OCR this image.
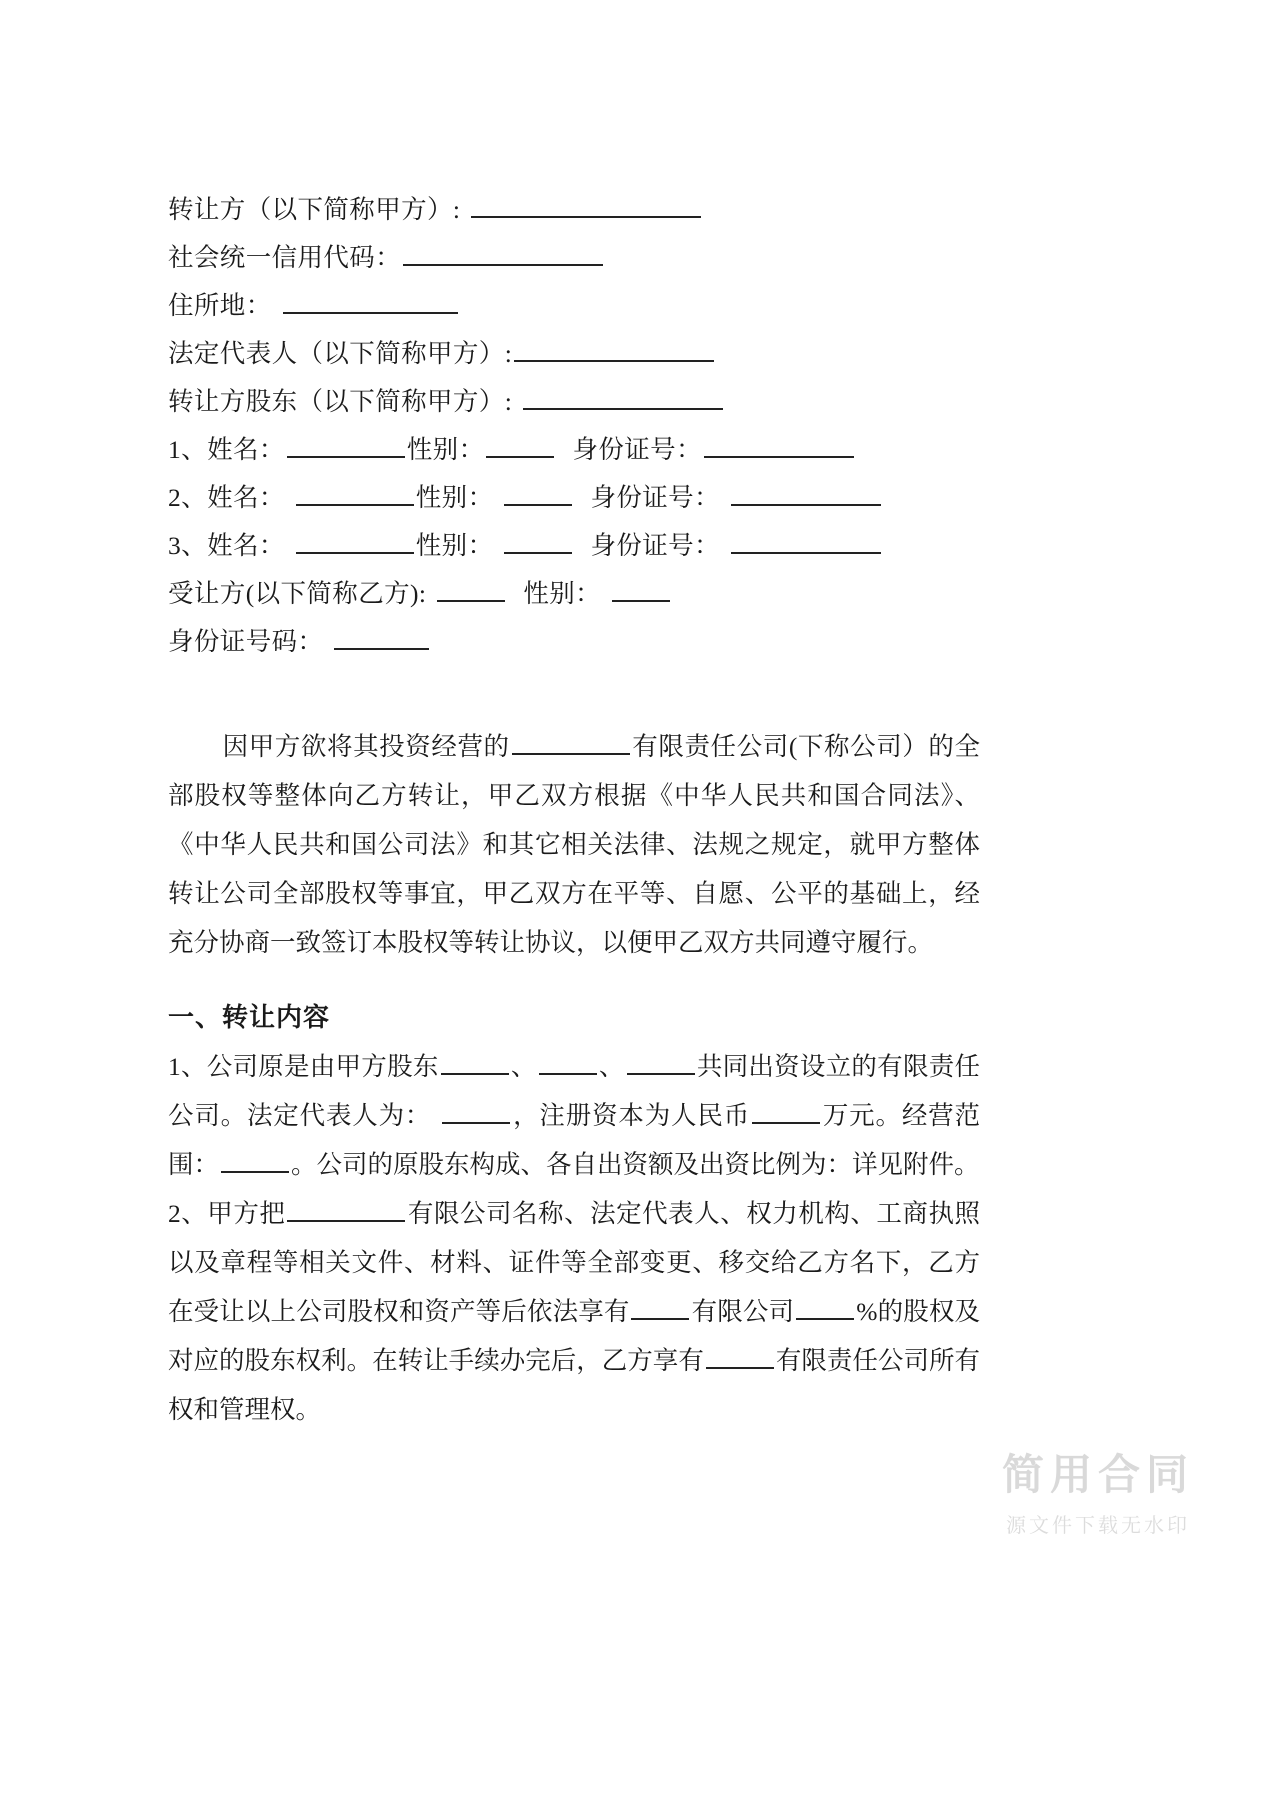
转让方（以下简称甲方）:
社会统一信用代码：
住所地：
法定代表人（以下简称甲方）:
转让方股东（以下简称甲方）:
1、姓名：	性别：	身份证号：
2、姓名：	性别：	身份证号：
3、姓名：	性别：	身份证号：
受让方(以下简称乙方):	性别：
身份证号码：

因甲方欲将其投资经营的	有限责任公司(下称公司）的全部股权等整体向乙方转让，甲乙双方根据《中华人民共和国合同法》、《中华人民共和国公司法》和其它相关法律、法规之规定，就甲方整体转让公司全部股权等事宜，甲乙双方在平等、自愿、公平的基础上，经充分协商一致签订本股权等转让协议，以便甲乙双方共同遵守履行。

一、转让内容

1、公司原是由甲方股东	、 、	共同出资设立的有限责任公司。法定代表人为：	，注册资本为人民币	万元。经营范围：	。公司的原股东构成、各自出资额及出资比例为：详见附件。

2、甲方把	有限公司名称、法定代表人、权力机构、工商执照以及章程等相关文件、材料、证件等全部变更、移交给乙方名下，乙方在受让以上公司股权和资产等后依法享有 有限公司 %的股权及对应的股东权利。在转让手续办完后，乙方享有	有限责任公司所有权和管理权。

简用合同
源文件下载无水印
